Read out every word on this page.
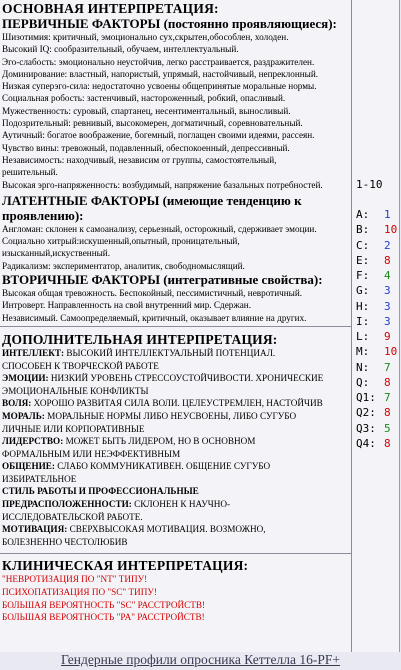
ОСНОВНАЯ ИНТЕРПРЕТАЦИЯ:
ПЕРВИЧНЫЕ ФАКТОРЫ (постоянно проявляющиеся):

Шизотимия: критичный, эмоционально сух,скрытен,обособлен, холоден.

Высокий IQ: сообразительный, обучаем, интеллектуальный.

Эго-слабость: эмоционально неустойчив, легко расстраивается, раздражителен.

Доминирование: властный, напористый, упрямый, настойчивый, непреклонный.

Низкая суперэго-сила: недостаточно усвоены общепринятые моральные нормы.

Социальная робость: застенчивый, настороженный, робкий, опасливый.

Мужественность: суровый, спартанец, несентиментальный, выносливый.

Подозрительный: ревнивый, высокомерен, догматичный, соревновательный.

Аутичный: богатое воображение, богемный, поглащен своими идеями, рассеян.

Чувство вины: тревожный, подавленный, обеспокоенный, депрессивный.

Независимость: находчивый, независим от группы, самостоятельный,

решительный.

Высокая эрго-напряженность: возбудимый, напряжение базальных потребностей.

ЛАТЕНТНЫЕ ФАКТОРЫ (имеющие тенденцию к
проявлению):

Англоман: склонен к самоанализу, серьезный, осторожный, сдерживает эмоции.

Социально хитрый:искушенный,опытный, проницательный,

изысканный,искуственный.

Радикализм: экспериментатор, аналитик, свободномыслящий.

ВТОРИЧНЫЕ ФАКТОРЫ (интегративные свойства):

Высокая общая тревожность. Беспокойный, пессимистичный, невротичный.

Интроверт. Направленность на свой внутренний мир. Сдержан.

Независимый. Самоопределяемый, критичный, оказывает влияние на других.

ДОПОЛНИТЕЛЬНАЯ ИНТЕРПРЕТАЦИЯ:

ИНТЕЛЛЕКТ: ВЫСОКИЙ ИНТЕЛЛЕКТУАЛЬНЫЙ ПОТЕНЦИАЛ.

СПОСОБЕН К ТВОРЧЕСКОЙ РАБОТЕ

ЭМОЦИИ: НИЗКИЙ УРОВЕНЬ СТРЕССОУСТОЙЧИВОСТИ. ХРОНИЧЕСКИЕ

ЭМОЦИОНАЛЬНЫЕ КОНФЛИКТЫ

ВОЛЯ: ХОРОШО РАЗВИТАЯ СИЛА ВОЛИ. ЦЕЛЕУСТРЕМЛЕН, НАСТОЙЧИВ

МОРАЛЬ: МОРАЛЬНЫЕ НОРМЫ ЛИБО НЕУСВОЕНЫ, ЛИБО СУГУБО

ЛИЧНЫЕ ИЛИ КОРПОРАТИВНЫЕ

ЛИДЕРСТВО: МОЖЕТ БЫТЬ ЛИДЕРОМ, НО В ОСНОВНОМ

ФОРМАЛЬНЫМ ИЛИ НЕЭФФЕКТИВНЫМ

ОБЩЕНИЕ: СЛАБО КОММУНИКАТИВЕН. ОБЩЕНИЕ СУГУБО

ИЗБИРАТЕЛЬНОЕ

СТИЛЬ РАБОТЫ И ПРОФЕССИОНАЛЬНЫЕ

ПРЕДРАСПОЛОЖЕННОСТИ: СКЛОНЕН К НАУЧНО-

ИССЛЕДОВАТЕЛЬСКОЙ РАБОТЕ.

МОТИВАЦИЯ: СВЕРХВЫСОКАЯ МОТИВАЦИЯ. ВОЗМОЖНО,

БОЛЕЗНЕННО ЧЕСТОЛЮБИВ

КЛИНИЧЕСКАЯ ИНТЕРПРЕТАЦИЯ:

"НЕВРОТИЗАЦИЯ ПО "NT" ТИПУ!

ПСИХОПАТИЗАЦИЯ ПО "SC" ТИПУ!

БОЛЬШАЯ ВЕРОЯТНОСТЬ "SC" РАССТРОЙСТВ!

БОЛЬШАЯ ВЕРОЯТНОСТЬ "PA" РАССТРОЙСТВ!

1-10
A:	1
B:	10
C:	2
E:	8
F:	4
G:	3
H:	3
I:	3
L:	9
M:	10
N:	7
Q:	8
Q1: 7
Q2: 8
Q3: 5
Q4: 8
Гендерные профили опросника Кеттелла 16-PF+
